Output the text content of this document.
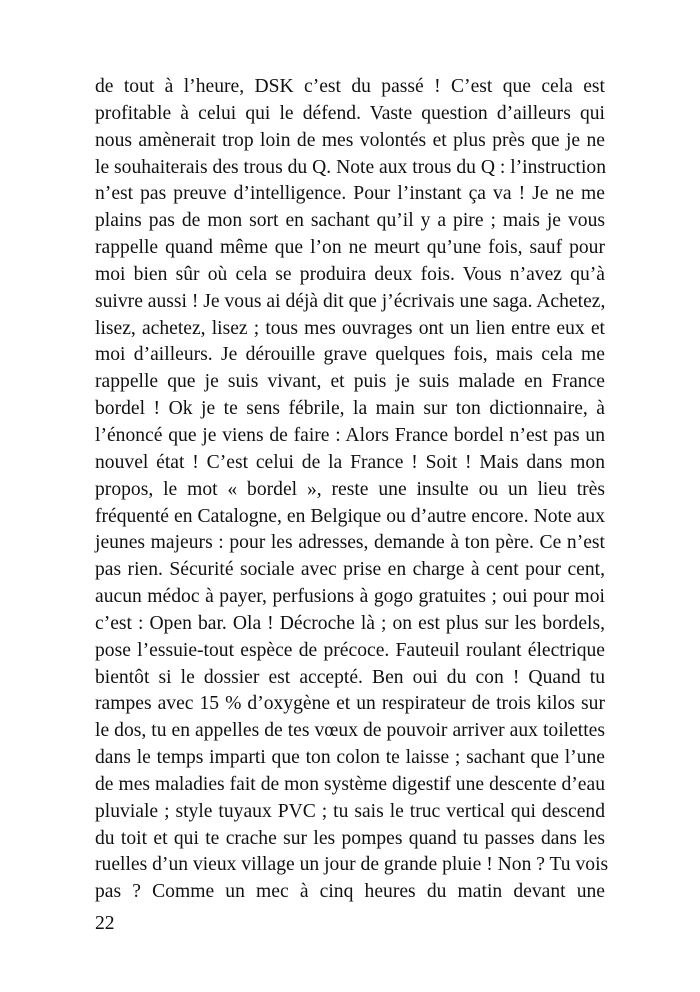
de tout à l’heure, DSK c’est du passé ! C’est que cela est
profitable à celui qui le défend. Vaste question d’ailleurs qui
nous amènerait trop loin de mes volontés et plus près que je ne
le souhaiterais des trous du Q. Note aux trous du Q : l’instruction
n’est pas preuve d’intelligence. Pour l’instant ça va ! Je ne me
plains pas de mon sort en sachant qu’il y a pire ; mais je vous
rappelle quand même que l’on ne meurt qu’une fois, sauf pour
moi bien sûr où cela se produira deux fois. Vous n’avez qu’à
suivre aussi ! Je vous ai déjà dit que j’écrivais une saga. Achetez,
lisez, achetez, lisez ; tous mes ouvrages ont un lien entre eux et
moi d’ailleurs. Je dérouille grave quelques fois, mais cela me
rappelle que je suis vivant, et puis je suis malade en France
bordel ! Ok je te sens fébrile, la main sur ton dictionnaire, à
l’énoncé que je viens de faire : Alors France bordel n’est pas un
nouvel état ! C’est celui de la France ! Soit ! Mais dans mon
propos, le mot « bordel », reste une insulte ou un lieu très
fréquenté en Catalogne, en Belgique ou d’autre encore. Note aux
jeunes majeurs : pour les adresses, demande à ton père. Ce n’est
pas rien. Sécurité sociale avec prise en charge à cent pour cent,
aucun médoc à payer, perfusions à gogo gratuites ; oui pour moi
c’est : Open bar. Ola ! Décroche là ; on est plus sur les bordels,
pose l’essuie-tout espèce de précoce. Fauteuil roulant électrique
bientôt si le dossier est accepté. Ben oui du con ! Quand tu
rampes avec 15 % d’oxygène et un respirateur de trois kilos sur
le dos, tu en appelles de tes vœux de pouvoir arriver aux toilettes
dans le temps imparti que ton colon te laisse ; sachant que l’une
de mes maladies fait de mon système digestif une descente d’eau
pluviale ; style tuyaux PVC ; tu sais le truc vertical qui descend
du toit et qui te crache sur les pompes quand tu passes dans les
ruelles d’un vieux village un jour de grande pluie ! Non ? Tu vois
pas ? Comme un mec à cinq heures du matin devant une
22
